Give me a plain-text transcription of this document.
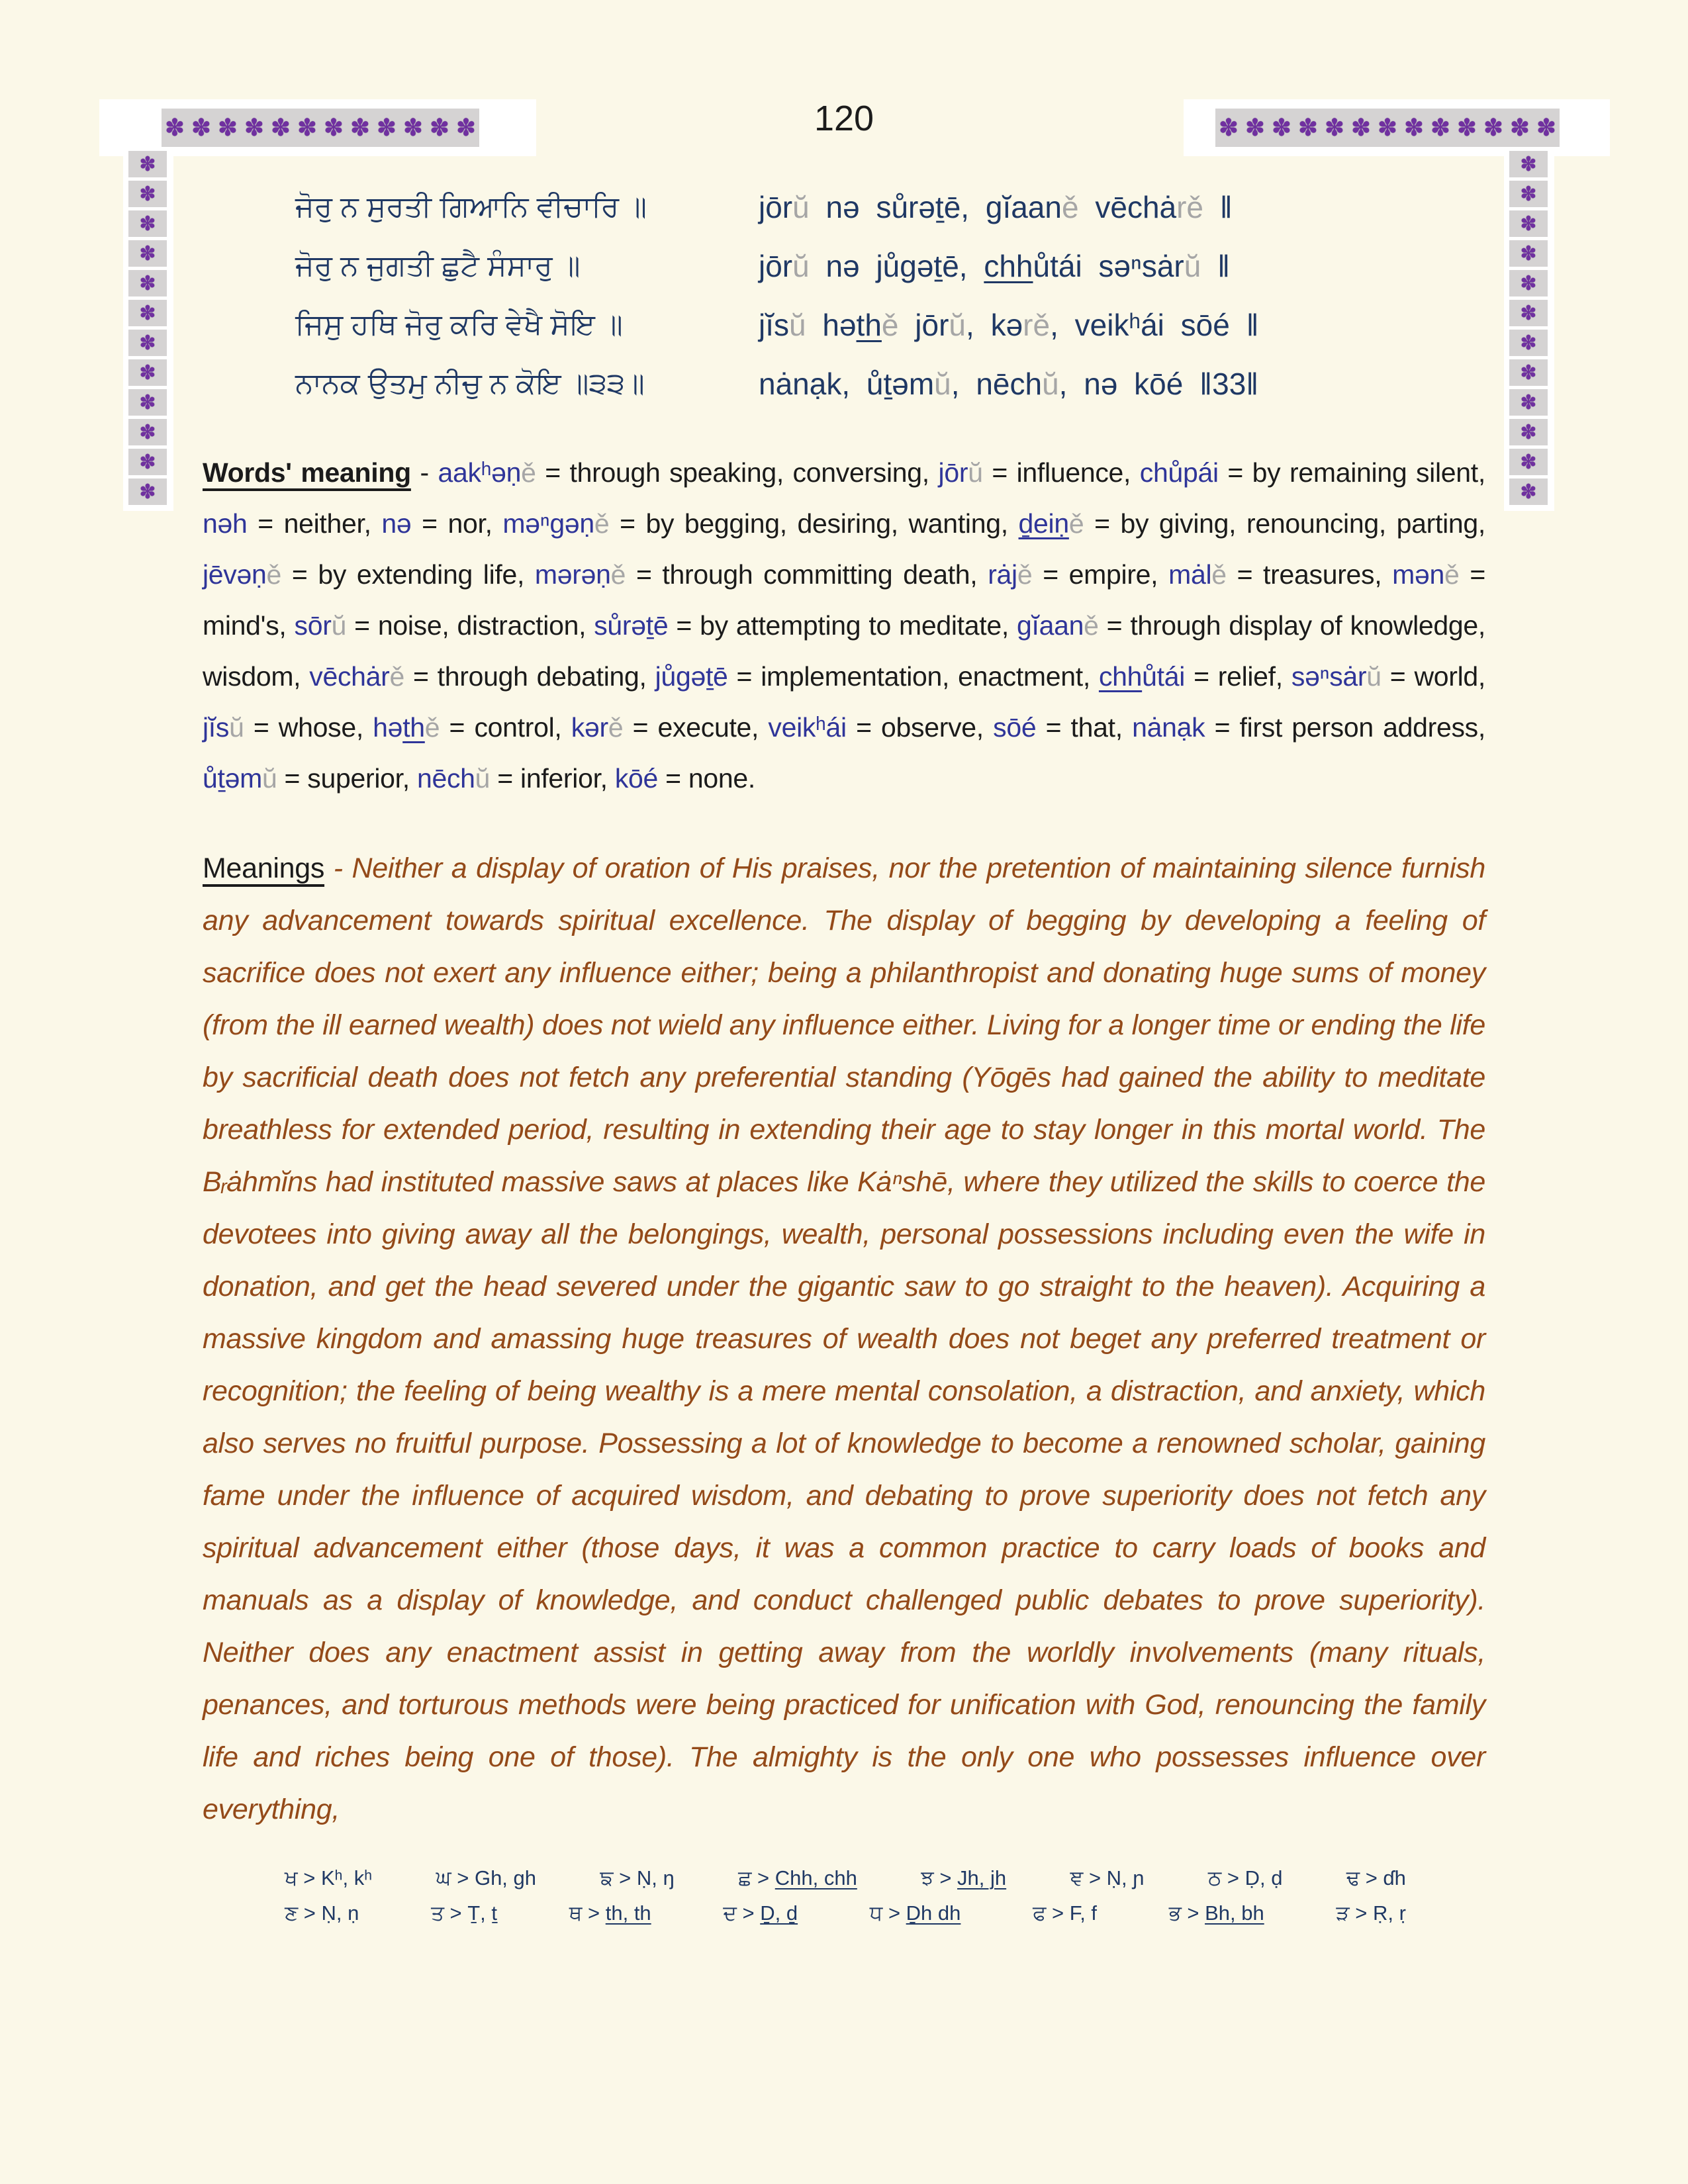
✽ ✽ ✽ ✽ ✽ ✽ ✽ ✽ ✽ ✽ ✽ ✽	✽ ✽ ✽ ✽ ✽ ✽ ✽ ✽ ✽ ✽ ✽ ✽ ✽
✽
✽
✽
✽
✽
✽
✽
✽
✽
✽
✽
✽
✽
✽
✽
✽
✽
✽
✽
✽
✽
✽
✽
✽
120
ਜੋਰੁ ਨ ਸੁਰਤੀ ਗਿਆਨਿ ਵੀਚਾਰਿ ॥	jōrŭ nə sůrəṯē, gĭaaně vēchȧrě ‖
ਜੋਰੁ ਨ ਜੁਗਤੀ ਛੁਟੈ ਸੰਸਾਰੁ ॥	jōrŭ nə jůgəṯē, chhůtái səⁿsȧrŭ ‖
ਜਿਸੁ ਹਥਿ ਜੋਰੁ ਕਰਿ ਵੇਖੈ ਸੋਇ ॥	jĭsŭ həthě jōrŭ, kərě, veikʰái sōé ‖
ਨਾਨਕ ਉਤਮੁ ਨੀਚੁ ਨ ਕੋਇ ॥੩੩॥	nȧnạk, ůṯəmŭ, nēchŭ, nə kōé ‖33‖
Words' meaning - aakʰəṇě = through speaking, conversing, jōrŭ = influence, chůpái = by remaining silent, nəh = neither, nə = nor, məⁿgəṇě = by begging, desiring, wanting, ḏeiṇě = by giving, renouncing, parting, jēvəṇě = by extending life, mərəṇě = through committing death, rȧjě = empire, mȧlě = treasures, məně = mind's, sōrŭ = noise, distraction, sůrəṯē = by attempting to meditate, gĭaaně = through display of knowledge, wisdom, vēchȧrě = through debating, jůgəṯē = implementation, enactment, chhůtái = relief, səⁿsȧrŭ = world, jĭsŭ = whose, həthě = control, kərě = execute, veikʰái = observe, sōé = that, nȧnạk = first person address, ůṯəmŭ = superior, nēchŭ = inferior, kōé = none.
Meanings - Neither a display of oration of His praises, nor the pretention of maintaining silence furnish any advancement towards spiritual excellence. The display of begging by developing a feeling of sacrifice does not exert any influence either; being a philanthropist and donating huge sums of money (from the ill earned wealth) does not wield any influence either. Living for a longer time or ending the life by sacrificial death does not fetch any preferential standing (Yōgēs had gained the ability to meditate breathless for extended period, resulting in extending their age to stay longer in this mortal world. The Bᵣȧhmĭns had instituted massive saws at places like Kȧⁿshē, where they utilized the skills to coerce the devotees into giving away all the belongings, wealth, personal possessions including even the wife in donation, and get the head severed under the gigantic saw to go straight to the heaven). Acquiring a massive kingdom and amassing huge treasures of wealth does not beget any preferred treatment or recognition; the feeling of being wealthy is a mere mental consolation, a distraction, and anxiety, which also serves no fruitful purpose. Possessing a lot of knowledge to become a renowned scholar, gaining fame under the influence of acquired wisdom, and debating to prove superiority does not fetch any spiritual advancement either (those days, it was a common practice to carry loads of books and manuals as a display of knowledge, and conduct challenged public debates to prove superiority). Neither does any enactment assist in getting away from the worldly involvements (many rituals, penances, and torturous methods were being practiced for unification with God, renouncing the family life and riches being one of those). The almighty is the only one who possesses influence over everything,
ਖ > Kʰ, kʰ	ਘ > Gh, gh	ਙ > Ṇ, ŋ	ਛ > Chh, chh	ਝ > Jh, jh	ਞ > Ṇ, ɲ	ਠ > Ḍ, ḍ	ਢ > ɗh
ਣ > Ṇ, ṇ	ਤ > Ṯ, ṯ	ਥ > th, th	ਦ > Ḏ, ḏ	ਧ > Ḏh dh	ਫ > F, f	ਭ > Bh, bh	ੜ > Ṛ, ṛ
